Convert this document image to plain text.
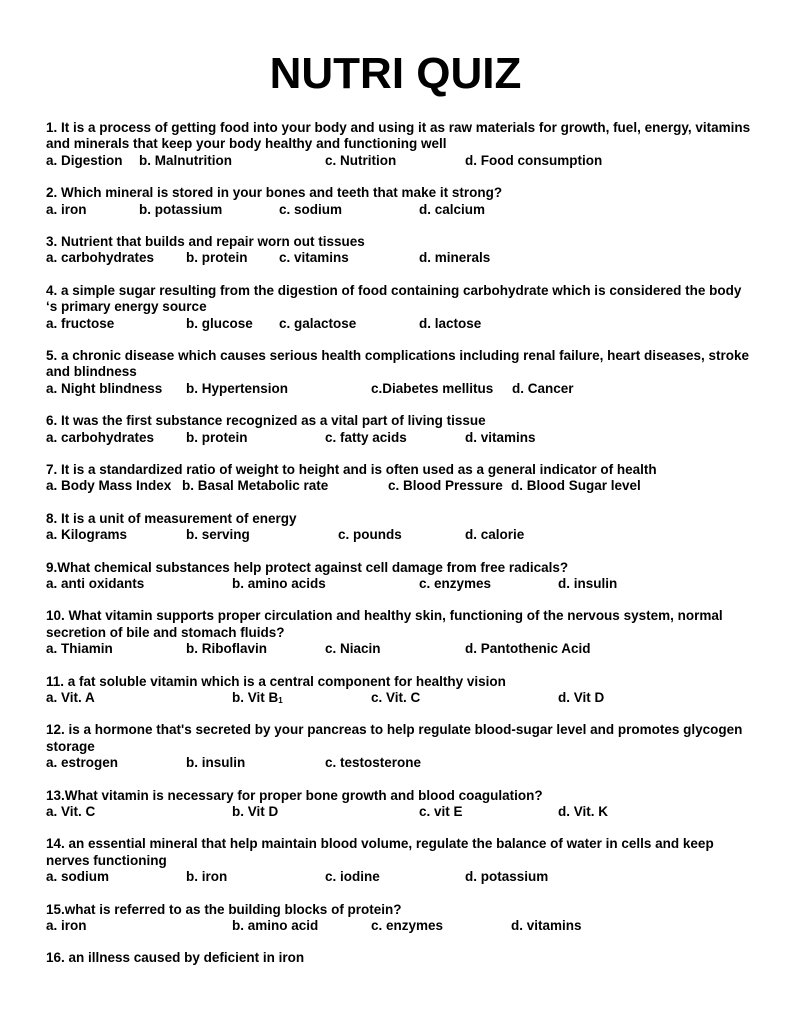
NUTRI QUIZ
1. It is a process of getting food into your body and using it as raw materials for growth, fuel, energy, vitamins and minerals that keep your body healthy and functioning well
a. Digestion b. Malnutrition	c. Nutrition	d. Food consumption
2. Which mineral is stored in your bones and teeth that make it strong?
a. iron	b. potassium	c. sodium	d. calcium
3. Nutrient that builds and repair worn out tissues
a. carbohydrates b. protein c. vitamins	d. minerals
4. a simple sugar resulting from the digestion of food containing carbohydrate which is considered the body ‘s primary energy source
a. fructose	b. glucose c. galactose	d. lactose
5. a chronic disease which causes serious health complications including renal failure, heart diseases, stroke and blindness
a. Night blindness b. Hypertension	c.Diabetes mellitus d. Cancer
6. It was the first substance recognized as a vital part of living tissue
a. carbohydrates b. protein	c. fatty acids	d. vitamins
7. It is a standardized ratio of weight to height and is often used as a general indicator of health
a. Body Mass Index b. Basal Metabolic rate	c. Blood Pressure d. Blood Sugar level
8. It is a unit of measurement of energy
a. Kilograms	b. serving	c. pounds	d. calorie
9.What chemical substances help protect against cell damage from free radicals?
a. anti oxidants	b. amino acids	c. enzymes	d. insulin
10. What vitamin supports proper circulation and healthy skin, functioning of the nervous system, normal secretion of bile and stomach fluids?
a. Thiamin	b. Riboflavin	c. Niacin	d. Pantothenic Acid
11. a fat soluble vitamin which is a central component for healthy vision
a. Vit. A	b. Vit $B_1$	c. Vit. C	d. Vit D
12. is a hormone that's secreted by your pancreas to help regulate blood-sugar level and promotes glycogen storage
a. estrogen	b. insulin	c. testosterone
13.What vitamin is necessary for proper bone growth and blood coagulation?
a. Vit. C	b. Vit D	c. vit E	d. Vit. K
14. an essential mineral that help maintain blood volume, regulate the balance of water in cells and keep nerves functioning
a. sodium	b. iron	c. iodine	d. potassium
15.what is referred to as the building blocks of protein?
a. iron	b. amino acid	c. enzymes	d. vitamins
16. an illness caused by deficient in iron
